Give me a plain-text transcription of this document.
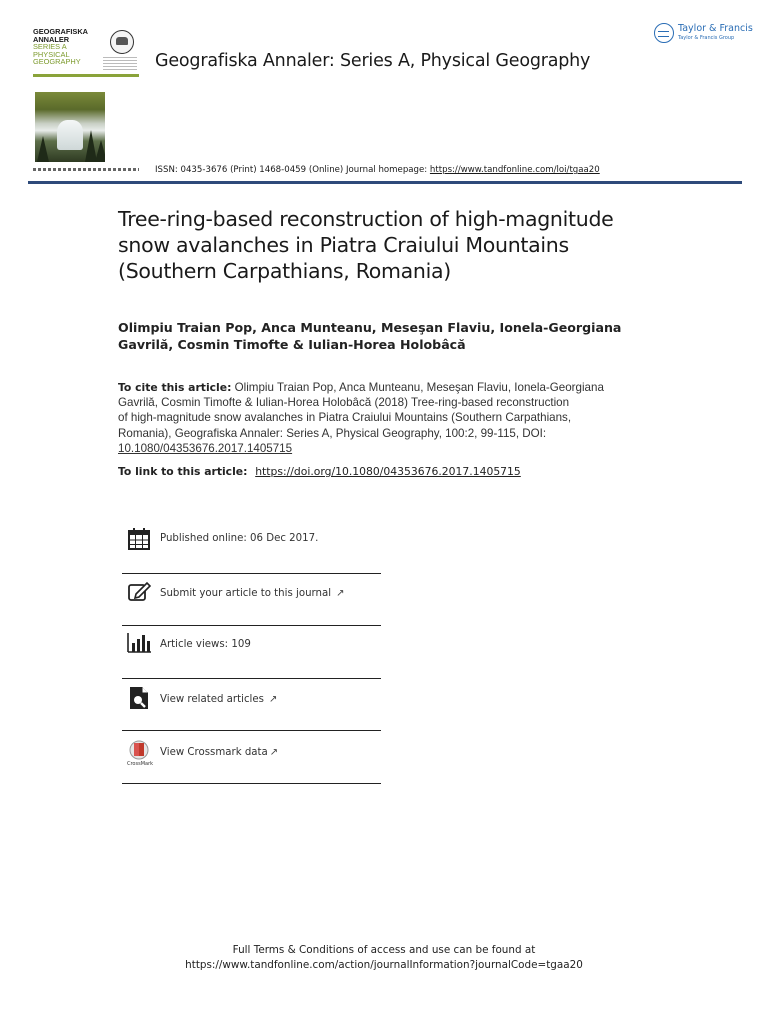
GEOGRAFISKA
ANNALER
SERIES A
PHYSICAL
GEOGRAPHY	Geografiska Annaler: Series A, Physical Geography
Taylor & Francis
Taylor & Francis Group
ISSN: 0435-3676 (Print) 1468-0459 (Online) Journal homepage: https://www.tandfonline.com/loi/tgaa20
Tree-ring-based reconstruction of high-magnitude
snow avalanches in Piatra Craiului Mountains
(Southern Carpathians, Romania)
Olimpiu Traian Pop, Anca Munteanu, Meseşan Flaviu, Ionela-Georgiana
Gavrilă, Cosmin Timofte & Iulian-Horea Holobâcă
To cite this article: Olimpiu Traian Pop, Anca Munteanu, Meseşan Flaviu, Ionela-Georgiana
Gavrilă, Cosmin Timofte & Iulian-Horea Holobâcă (2018) Tree-ring-based reconstruction
of high-magnitude snow avalanches in Piatra Craiului Mountains (Southern Carpathians,
Romania), Geografiska Annaler: Series A, Physical Geography, 100:2, 99-115, DOI:
10.1080/04353676.2017.1405715
To link to this article: https://doi.org/10.1080/04353676.2017.1405715
Published online: 06 Dec 2017.
Submit your article to this journal ↗
Article views: 109
View related articles ↗
CrossMark
View Crossmark data ↗
Full Terms & Conditions of access and use can be found at
https://www.tandfonline.com/action/journalInformation?journalCode=tgaa20
